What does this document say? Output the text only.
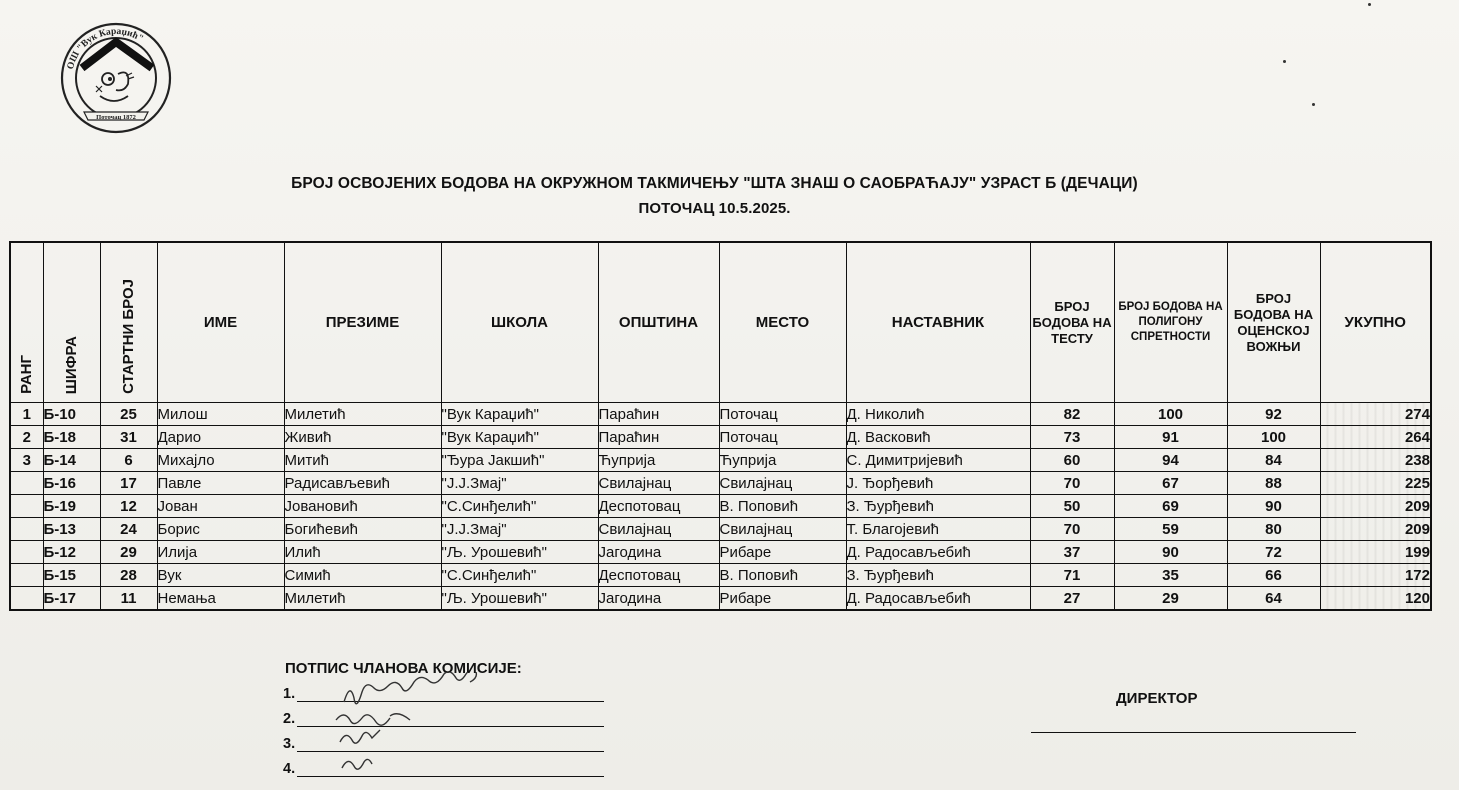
ОШ "Вук Караџић"
Поточац 1872
БРОЈ ОСВОЈЕНИХ БОДОВА НА ОКРУЖНОМ ТАКМИЧЕЊУ "ШТА ЗНАШ О САОБРАЋАЈУ" УЗРАСТ Б (ДЕЧАЦИ)
ПОТОЧАЦ 10.5.2025.
РАНГ	ШИФРА	СТАРТНИ БРОЈ	ИМЕ	ПРЕЗИМЕ	ШКОЛА	ОПШТИНА	МЕСТО	НАСТАВНИК	БРОЈ БОДОВА НА ТЕСТУ	БРОЈ БОДОВА НА ПОЛИГОНУ СПРЕТНОСТИ	БРОЈ БОДОВА НА ОЦЕНСКОЈ ВОЖЊИ	УКУПНО
1	Б-10	25	Милош	Милетић	"Вук Караџић"	Параћин	Поточац	Д. Николић	82	100	92	274
2	Б-18	31	Дарио	Живић	"Вук Караџић"	Параћин	Поточац	Д. Васковић	73	91	100	264
3	Б-14	6	Михајло	Митић	"Ђура Јакшић"	Ћуприја	Ћуприја	С. Димитријевић	60	94	84	238
	Б-16	17	Павле	Радисављевић	"Ј.Ј.Змај"	Свилајнац	Свилајнац	Ј. Ђорђевић	70	67	88	225
	Б-19	12	Јован	Јовановић	"С.Синђелић"	Деспотовац	В. Поповић	З. Ђурђевић	50	69	90	209
	Б-13	24	Борис	Богићевић	"Ј.Ј.Змај"	Свилајнац	Свилајнац	Т. Благојевић	70	59	80	209
	Б-12	29	Илија	Илић	"Љ. Урошевић"	Јагодина	Рибаре	Д. Радосављебић	37	90	72	199
	Б-15	28	Вук	Симић	"С.Синђелић"	Деспотовац	В. Поповић	З. Ђурђевић	71	35	66	172
	Б-17	11	Немања	Милетић	"Љ. Урошевић"	Јагодина	Рибаре	Д. Радосављебић	27	29	64	120
ПОТПИС ЧЛАНОВА КОМИСИЈЕ:
1.
2.
3.
4.
ДИРЕКТОР
